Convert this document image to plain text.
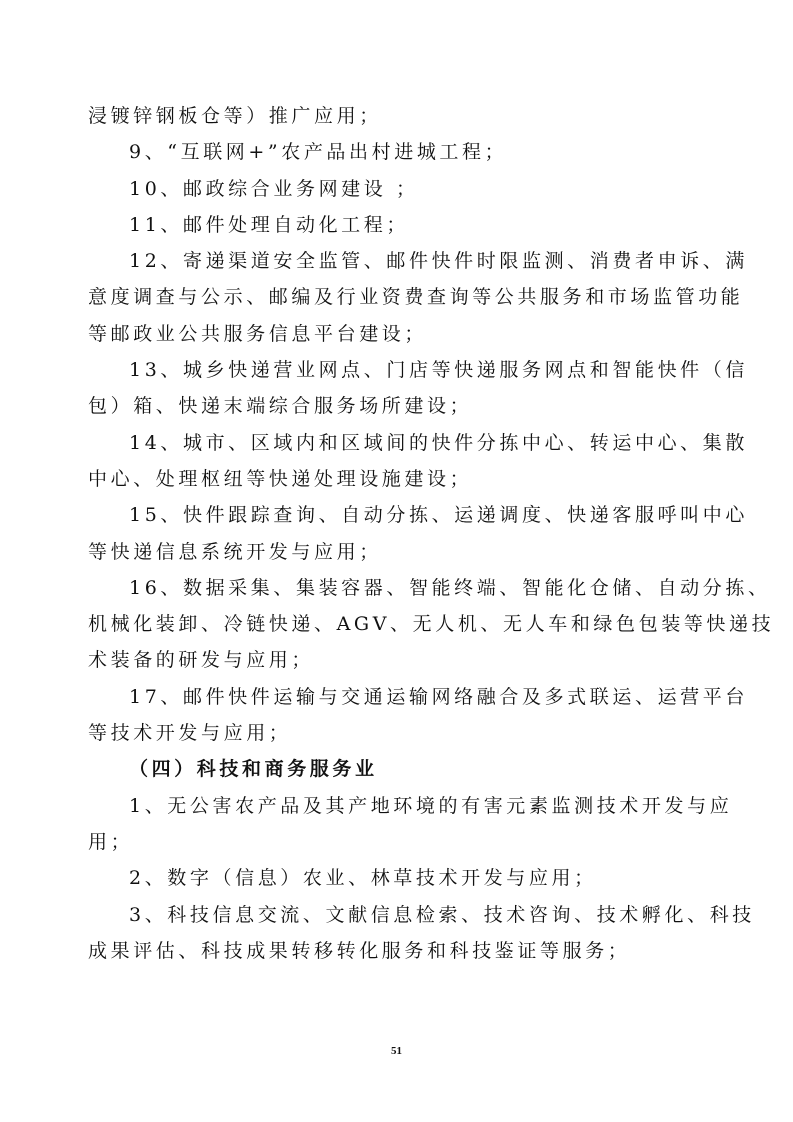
浸镀锌钢板仓等）推广应用；
9、“互联网+”农产品出村进城工程；
10、邮政综合业务网建设 ；
11、邮件处理自动化工程；
12、寄递渠道安全监管、邮件快件时限监测、消费者申诉、满
意度调查与公示、邮编及行业资费查询等公共服务和市场监管功能
等邮政业公共服务信息平台建设；
13、城乡快递营业网点、门店等快递服务网点和智能快件（信
包）箱、快递末端综合服务场所建设；
14、城市、区域内和区域间的快件分拣中心、转运中心、集散
中心、处理枢纽等快递处理设施建设；
15、快件跟踪查询、自动分拣、运递调度、快递客服呼叫中心
等快递信息系统开发与应用；
16、数据采集、集装容器、智能终端、智能化仓储、自动分拣、
机械化装卸、冷链快递、AGV、无人机、无人车和绿色包装等快递技
术装备的研发与应用；
17、邮件快件运输与交通运输网络融合及多式联运、运营平台
等技术开发与应用；
（四）科技和商务服务业
1、无公害农产品及其产地环境的有害元素监测技术开发与应
用；
2、数字（信息）农业、林草技术开发与应用；
3、科技信息交流、文献信息检索、技术咨询、技术孵化、科技
成果评估、科技成果转移转化服务和科技鉴证等服务；
51
